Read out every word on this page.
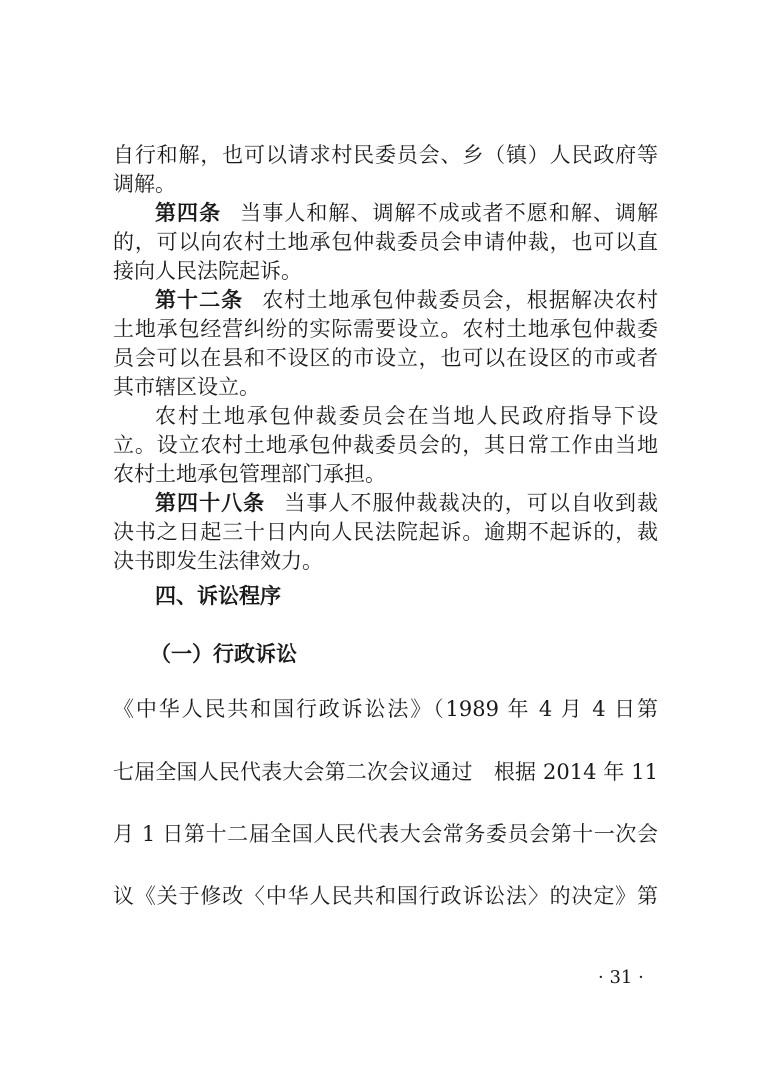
自行和解，也可以请求村民委员会、乡（镇）人民政府等
调解。
第四条 当事人和解、调解不成或者不愿和解、调解
的，可以向农村土地承包仲裁委员会申请仲裁，也可以直
接向人民法院起诉。
第十二条 农村土地承包仲裁委员会，根据解决农村
土地承包经营纠纷的实际需要设立。农村土地承包仲裁委
员会可以在县和不设区的市设立，也可以在设区的市或者
其市辖区设立。
农村土地承包仲裁委员会在当地人民政府指导下设
立。设立农村土地承包仲裁委员会的，其日常工作由当地
农村土地承包管理部门承担。
第四十八条 当事人不服仲裁裁决的，可以自收到裁
决书之日起三十日内向人民法院起诉。逾期不起诉的，裁
决书即发生法律效力。
四、诉讼程序
（一）行政诉讼
《中华人民共和国行政诉讼法》（1989 年 4 月 4 日第
七届全国人民代表大会第二次会议通过　根据 2014 年 11
月 1 日第十二届全国人民代表大会常务委员会第十一次会
议《关于修改〈中华人民共和国行政诉讼法〉的决定》第
· 31 ·
